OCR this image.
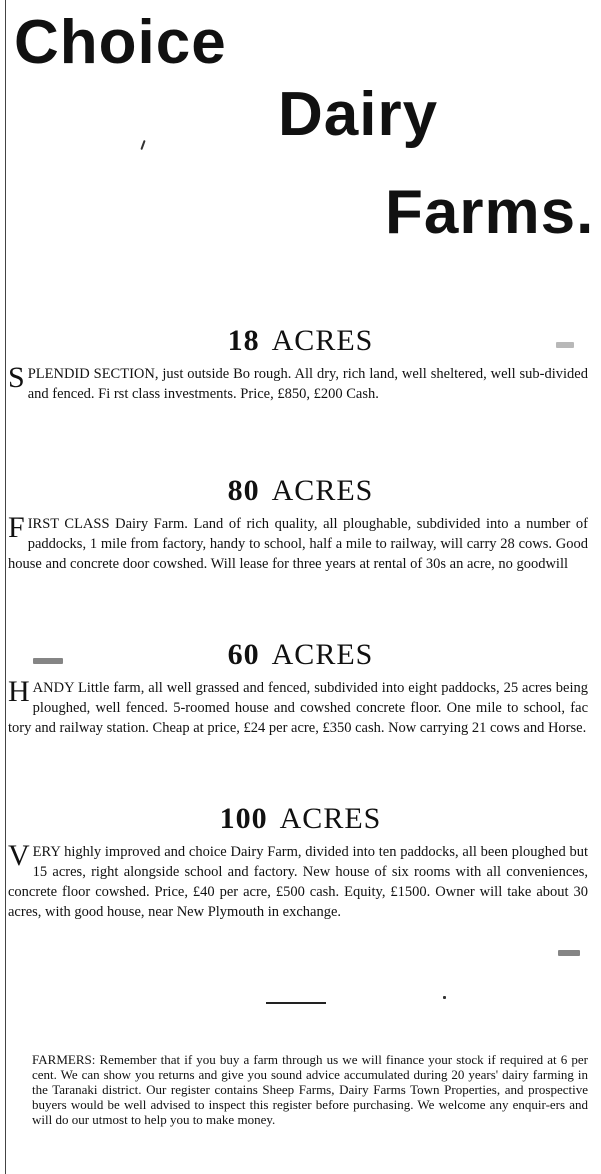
Choice
Dairy
Farms.
18 ACRES
SPLENDID SECTION, just outside Bo rough. All dry, rich land, well sheltered, well sub-divided and fenced. Fi rst class investments. Price, £850, £200 Cash.
80 ACRES
FIRST CLASS Dairy Farm. Land of rich quality, all ploughable, subdivided into a number of paddocks, 1 mile from factory, handy to school, half a mile to railway, will carry 28 cows. Good house and concrete door cowshed. Will lease for three years at rental of 30s an acre, no goodwill
60 ACRES
HANDY Little farm, all well grassed and fenced, subdivided into eight paddocks, 25 acres being ploughed, well fenced. 5-roomed house and cowshed concrete floor. One mile to school, fac tory and railway station. Cheap at price, £24 per acre, £350 cash. Now carrying 21 cows and Horse.
100 ACRES
VERY highly improved and choice Dairy Farm, divided into ten paddocks, all been ploughed but 15 acres, right alongside school and factory. New house of six rooms with all conveniences, concrete floor cowshed. Price, £40 per acre, £500 cash. Equity, £1500. Owner will take about 30 acres, with good house, near New Plymouth in exchange.
FARMERS: Remember that if you buy a farm through us we will finance your stock if required at 6 per cent. We can show you returns and give you sound advice accumulated during 20 years' dairy farming in the Taranaki district. Our register contains Sheep Farms, Dairy Farms Town Properties, and prospective buyers would be well advised to inspect this register before purchasing. We welcome any enquir-ers and will do our utmost to help you to make money.
